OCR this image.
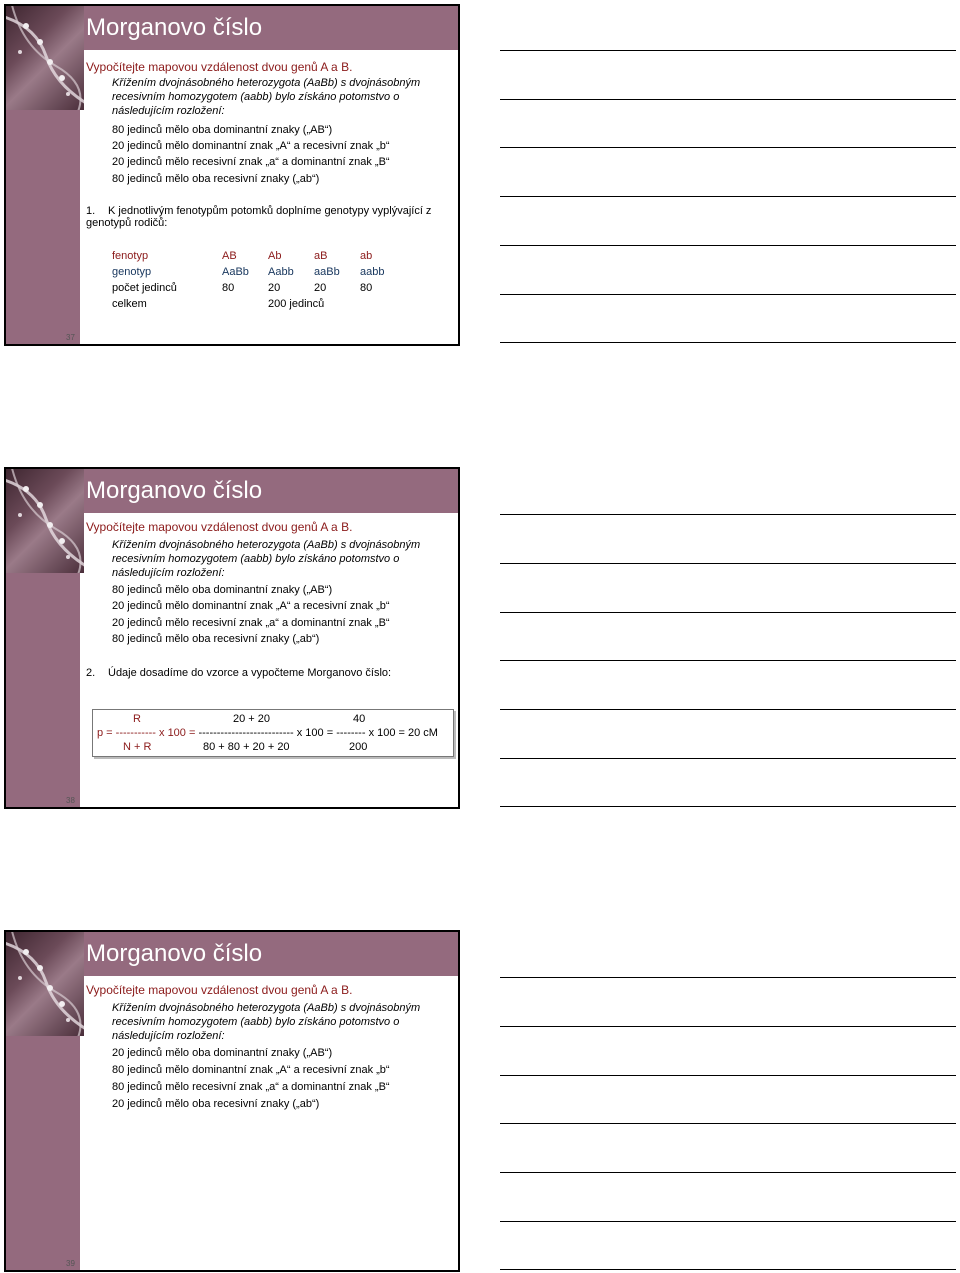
Morganovo číslo
Vypočítejte mapovou vzdálenost dvou genů A a B.
Křížením dvojnásobného heterozygota (AaBb) s dvojnásobným recesivním homozygotem (aabb) bylo získáno potomstvo o následujícím rozložení:
80 jedinců mělo oba dominantní znaky („AB“)
20 jedinců mělo dominantní znak „A“ a recesivní znak „b“
20 jedinců mělo recesivní znak „a“ a dominantní znak „B“
80 jedinců mělo oba recesivní znaky („ab“)
1. K jednotlivým fenotypům potomků doplníme genotypy vyplývající z genotypů rodičů:
fenotyp	AB	Ab	aB	ab
genotyp	AaBb	Aabb	aaBb	aabb
počet jedinců	80	20	20	80
celkem	200 jedinců			
37
Morganovo číslo
Vypočítejte mapovou vzdálenost dvou genů A a B.
Křížením dvojnásobného heterozygota (AaBb) s dvojnásobným recesivním homozygotem (aabb) bylo získáno potomstvo o následujícím rozložení:
80 jedinců mělo oba dominantní znaky („AB“)
20 jedinců mělo dominantní znak „A“ a recesivní znak „b“
20 jedinců mělo recesivní znak „a“ a dominantní znak „B“
80 jedinců mělo oba recesivní znaky („ab“)
2. Údaje dosadíme do vzorce a vypočteme Morganovo číslo:
R	20 + 20	40
p = ----------- x 100 = -------------------------- x 100 = -------- x 100 = 20 cM
N + R	80 + 80 + 20 + 20	200
38
Morganovo číslo
Vypočítejte mapovou vzdálenost dvou genů A a B.
Křížením dvojnásobného heterozygota (AaBb) s dvojnásobným recesivním homozygotem (aabb) bylo získáno potomstvo o následujícím rozložení:
20 jedinců mělo oba dominantní znaky („AB“)
80 jedinců mělo dominantní znak „A“ a recesivní znak „b“
80 jedinců mělo recesivní znak „a“ a dominantní znak „B“
20 jedinců mělo oba recesivní znaky („ab“)
39
